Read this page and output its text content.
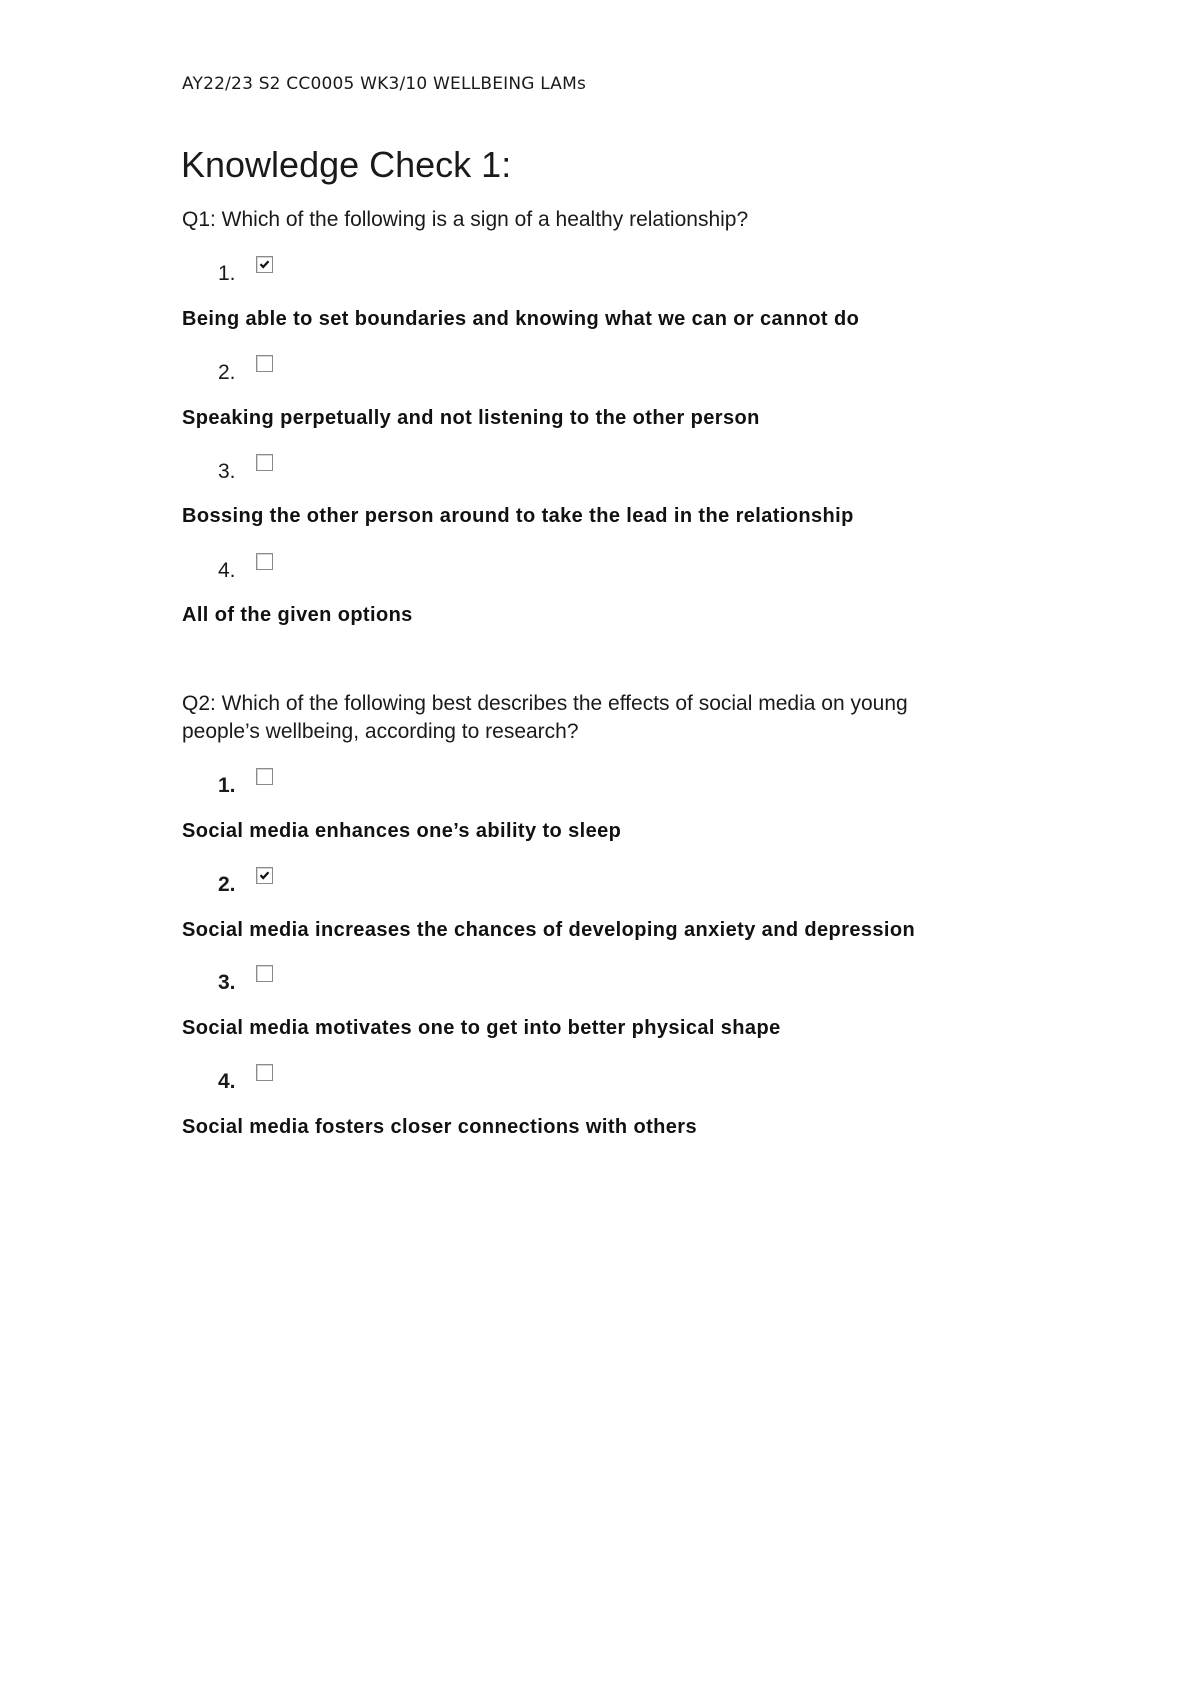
AY22/23 S2 CC0005 WK3/10 WELLBEING LAMs
Knowledge Check 1:
Q1: Which of the following is a sign of a healthy relationship?
1.
Being able to set boundaries and knowing what we can or cannot do
2.
Speaking perpetually and not listening to the other person
3.
Bossing the other person around to take the lead in the relationship
4.
All of the given options
Q2: Which of the following best describes the effects of social media on young people’s wellbeing, according to research?
1.
Social media enhances one’s ability to sleep
2.
Social media increases the chances of developing anxiety and depression
3.
Social media motivates one to get into better physical shape
4.
Social media fosters closer connections with others
